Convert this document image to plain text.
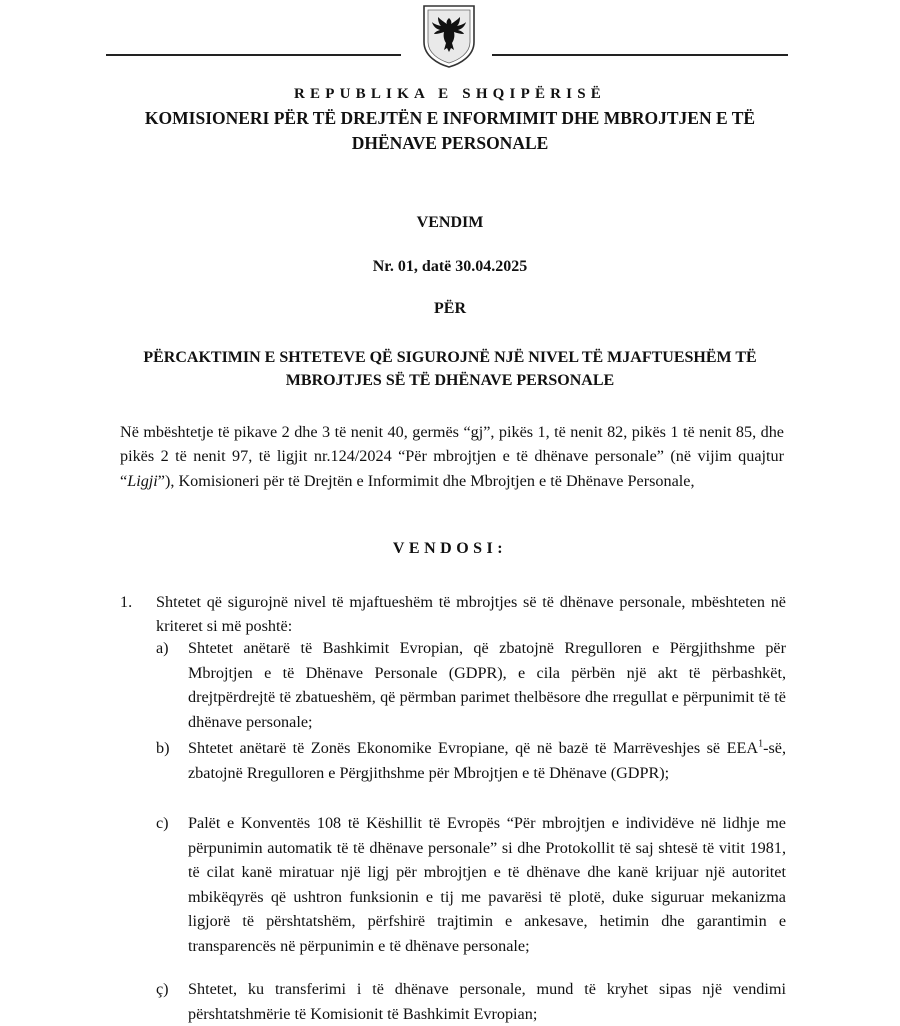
REPUBLIKA E SHQIPËRISË
KOMISIONERI PËR TË DREJTËN E INFORMIMIT DHE MBROJTJEN E TË DHËNAVE PERSONALE
VENDIM
Nr. 01, datë 30.04.2025
PËR
PËRCAKTIMIN E SHTETEVE QË SIGUROJNË NJË NIVEL TË MJAFTUESHËM TË MBROJTJES SË TË DHËNAVE PERSONALE
Në mbështetje të pikave 2 dhe 3 të nenit 40, germës “gj”, pikës 1, të nenit 82, pikës 1 të nenit 85, dhe pikës 2 të nenit 97, të ligjit nr.124/2024 “Për mbrojtjen e të dhënave personale” (në vijim quajtur “Ligji”), Komisioneri për të Drejtën e Informimit dhe Mbrojtjen e të Dhënave Personale,
VENDOSI:
1. Shtetet që sigurojnë nivel të mjaftueshëm të mbrojtjes së të dhënave personale, mbështeten në kriteret si më poshtë:
a) Shtetet anëtarë të Bashkimit Evropian, që zbatojnë Rregulloren e Përgjithshme për Mbrojtjen e të Dhënave Personale (GDPR), e cila përbën një akt të përbashkët, drejtpërdrejtë të zbatueshëm, që përmban parimet thelbësore dhe rregullat e përpunimit të të dhënave personale;
b) Shtetet anëtarë të Zonës Ekonomike Evropiane, që në bazë të Marrëveshjes së EEA$^1$-së, zbatojnë Rregulloren e Përgjithshme për Mbrojtjen e të Dhënave (GDPR);
c) Palët e Konventës 108 të Këshillit të Evropës “Për mbrojtjen e individëve në lidhje me përpunimin automatik të të dhënave personale” si dhe Protokollit të saj shtesë të vitit 1981, të cilat kanë miratuar një ligj për mbrojtjen e të dhënave dhe kanë krijuar një autoritet mbikëqyrës që ushtron funksionin e tij me pavarësi të plotë, duke siguruar mekanizma ligjorë të përshtatshëm, përfshirë trajtimin e ankesave, hetimin dhe garantimin e transparencës në përpunimin e të dhënave personale;
ç) Shtetet, ku transferimi i të dhënave personale, mund të kryhet sipas një vendimi përshtatshmërie të Komisionit të Bashkimit Evropian;
